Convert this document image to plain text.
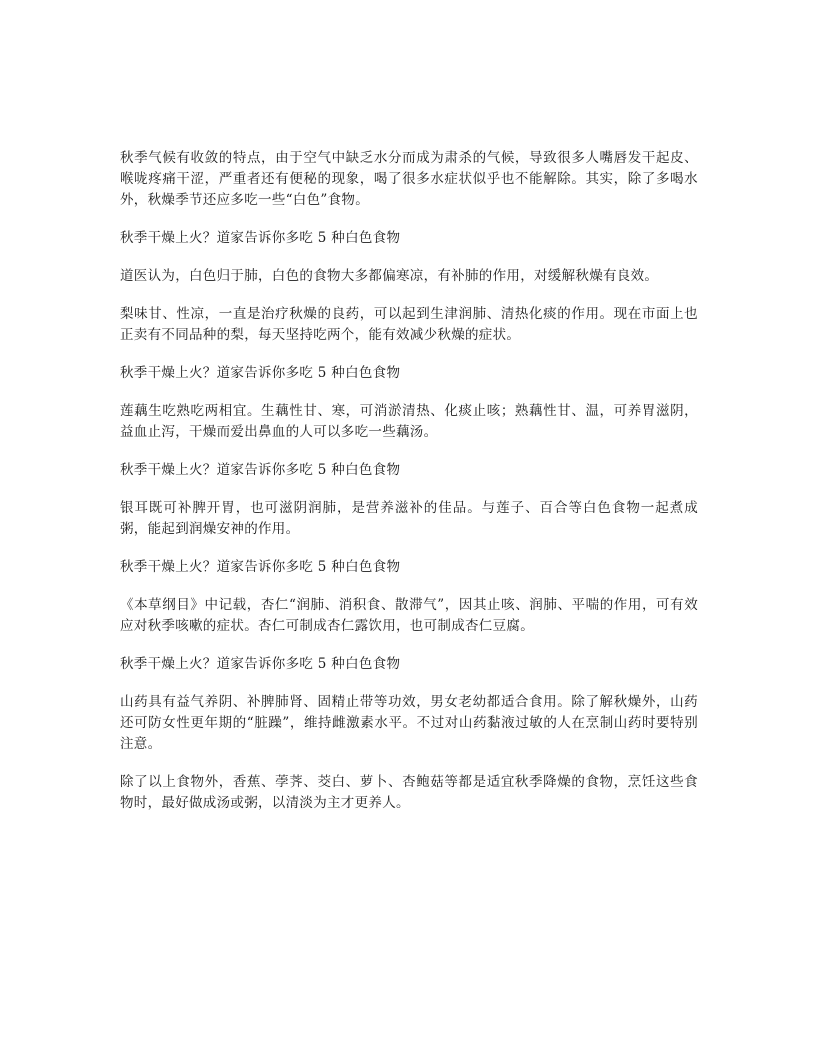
秋季气候有收敛的特点，由于空气中缺乏水分而成为肃杀的气候，导致很多人嘴唇发干起皮、喉咙疼痛干涩，严重者还有便秘的现象，喝了很多水症状似乎也不能解除。其实，除了多喝水外，秋燥季节还应多吃一些“白色”食物。

秋季干燥上火？道家告诉你多吃 5 种白色食物

道医认为，白色归于肺，白色的食物大多都偏寒凉，有补肺的作用，对缓解秋燥有良效。

梨味甘、性凉，一直是治疗秋燥的良药，可以起到生津润肺、清热化痰的作用。现在市面上也正卖有不同品种的梨，每天坚持吃两个，能有效减少秋燥的症状。

秋季干燥上火？道家告诉你多吃 5 种白色食物

莲藕生吃熟吃两相宜。生藕性甘、寒，可消淤清热、化痰止咳；熟藕性甘、温，可养胃滋阴，益血止泻，干燥而爱出鼻血的人可以多吃一些藕汤。

秋季干燥上火？道家告诉你多吃 5 种白色食物

银耳既可补脾开胃，也可滋阴润肺，是营养滋补的佳品。与莲子、百合等白色食物一起煮成粥，能起到润燥安神的作用。

秋季干燥上火？道家告诉你多吃 5 种白色食物

《本草纲目》中记载，杏仁“润肺、消积食、散滞气”，因其止咳、润肺、平喘的作用，可有效应对秋季咳嗽的症状。杏仁可制成杏仁露饮用，也可制成杏仁豆腐。

秋季干燥上火？道家告诉你多吃 5 种白色食物

山药具有益气养阴、补脾肺肾、固精止带等功效，男女老幼都适合食用。除了解秋燥外，山药还可防女性更年期的“脏躁”，维持雌激素水平。不过对山药黏液过敏的人在烹制山药时要特别注意。

除了以上食物外，香蕉、荸荠、茭白、萝卜、杏鲍菇等都是适宜秋季降燥的食物，烹饪这些食物时，最好做成汤或粥，以清淡为主才更养人。
